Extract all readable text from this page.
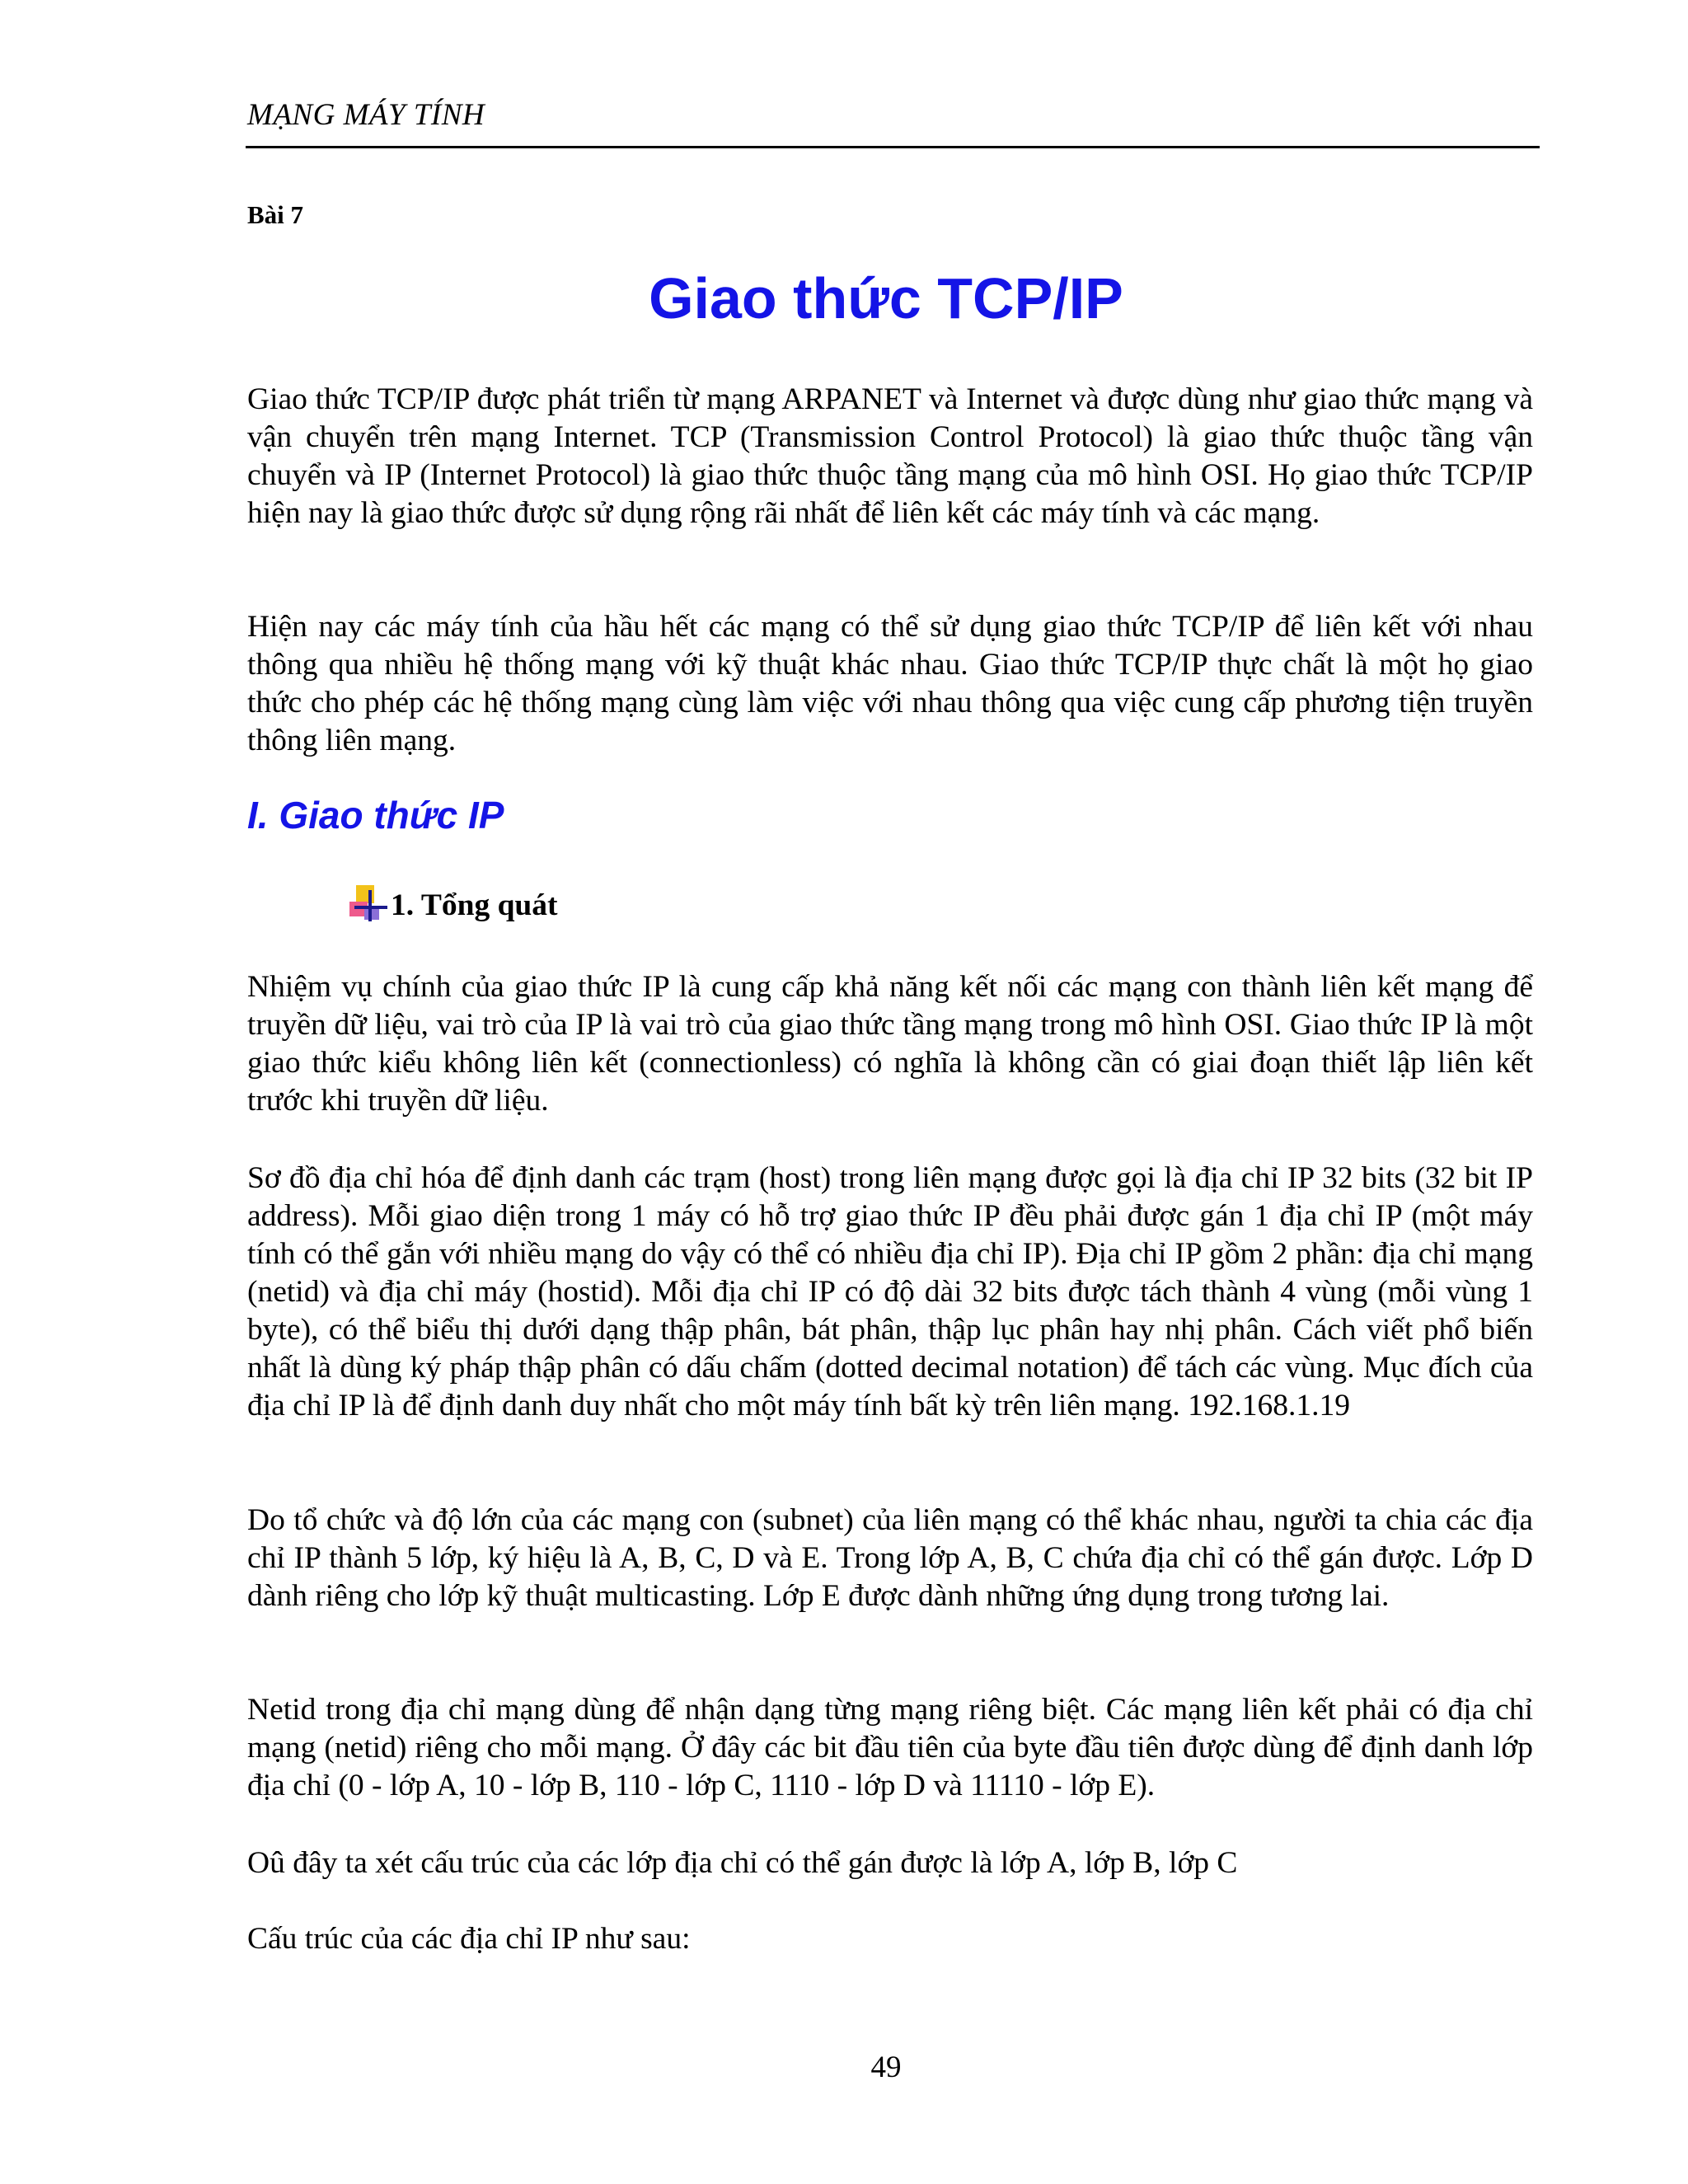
MẠNG MÁY TÍNH
Bài 7
Giao thức TCP/IP

Giao thức TCP/IP được phát triển từ mạng ARPANET và Internet và được dùng như giao thức mạng và vận chuyển trên mạng Internet. TCP (Transmission Control Protocol) là giao thức thuộc tầng vận chuyển và IP (Internet Protocol) là giao thức thuộc tầng mạng của mô hình OSI. Họ giao thức TCP/IP hiện nay là giao thức được sử dụng rộng rãi nhất để liên kết các máy tính và các mạng.

Hiện nay các máy tính của hầu hết các mạng có thể sử dụng giao thức TCP/IP để liên kết với nhau thông qua nhiều hệ thống mạng với kỹ thuật khác nhau. Giao thức TCP/IP thực chất là một họ giao thức cho phép các hệ thống mạng cùng làm việc với nhau thông qua việc cung cấp phương tiện truyền thông liên mạng.

I. Giao thức IP
1. Tổng quát

Nhiệm vụ chính của giao thức IP là cung cấp khả năng kết nối các mạng con thành liên kết mạng để truyền dữ liệu, vai trò của IP là vai trò của giao thức tầng mạng trong mô hình OSI. Giao thức IP là một giao thức kiểu không liên kết (connectionless) có nghĩa là không cần có giai đoạn thiết lập liên kết trước khi truyền dữ liệu.

Sơ đồ địa chỉ hóa để định danh các trạm (host) trong liên mạng được gọi là địa chỉ IP 32 bits (32 bit IP address). Mỗi giao diện trong 1 máy có hỗ trợ giao thức IP đều phải được gán 1 địa chỉ IP (một máy tính có thể gắn với nhiều mạng do vậy có thể có nhiều địa chỉ IP). Địa chỉ IP gồm 2 phần: địa chỉ mạng (netid) và địa chỉ máy (hostid). Mỗi địa chỉ IP có độ dài 32 bits được tách thành 4 vùng (mỗi vùng 1 byte), có thể biểu thị dưới dạng thập phân, bát phân, thập lục phân hay nhị phân. Cách viết phổ biến nhất là dùng ký pháp thập phân có dấu chấm (dotted decimal notation) để tách các vùng. Mục đích của địa chỉ IP là để định danh duy nhất cho một máy tính bất kỳ trên liên mạng. 192.168.1.19

Do tổ chức và độ lớn của các mạng con (subnet) của liên mạng có thể khác nhau, người ta chia các địa chỉ IP thành 5 lớp, ký hiệu là A, B, C, D và E. Trong lớp A, B, C chứa địa chỉ có thể gán được. Lớp D dành riêng cho lớp kỹ thuật multicasting. Lớp E được dành những ứng dụng trong tương lai.

Netid trong địa chỉ mạng dùng để nhận dạng từng mạng riêng biệt. Các mạng liên kết phải có địa chỉ mạng (netid) riêng cho mỗi mạng. Ở đây các bit đầu tiên của byte đầu tiên được dùng để định danh lớp địa chỉ (0 - lớp A, 10 - lớp B, 110 - lớp C, 1110 - lớp D và 11110 - lớp E).

Oû đây ta xét cấu trúc của các lớp địa chỉ có thể gán được là lớp A, lớp B, lớp C

Cấu trúc của các địa chỉ IP như sau:

49
